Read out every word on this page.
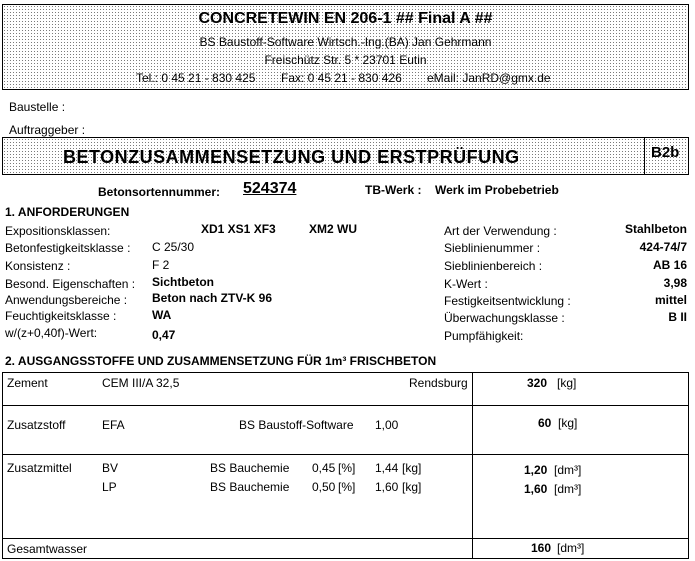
CONCRETEWIN EN 206-1 ## Final A ##
BS Baustoff-Software Wirtsch.-Ing.(BA) Jan Gehrmann
Freischütz Str. 5 * 23701 Eutin
Tel.: 0 45 21 - 830 425 Fax: 0 45 21 - 830 426 eMail: JanRD@gmx.de
Baustelle :
Auftraggeber :
BETONZUSAMMENSETZUNG UND ERSTPRÜFUNG	B2b
Betonsortennummer: 524374	TB-Werk : Werk im Probebetrieb
1. ANFORDERUNGEN
Expositionsklassen:	XD1 XS1 XF3	XM2 WU
Betonfestigkeitsklasse : C 25/30
Konsistenz :	F 2
Besond. Eigenschaften : Sichtbeton
Anwendungsbereiche : Beton nach ZTV-K 96
Feuchtigkeitsklasse :	WA
w/(z+0,40f)-Wert:	0,47
Art der Verwendung :	Stahlbeton
Sieblinienummer :	424-74/7
Sieblinienbereich :	AB 16
K-Wert :	3,98
Festigkeitsentwicklung :	mittel
Überwachungsklasse :	B II
Pumpfähigkeit:
2. AUSGANGSSTOFFE UND ZUSAMMENSETZUNG FÜR 1m³ FRISCHBETON
Zement	CEM III/A 32,5	Rendsburg	320 [kg]
Zusatzstoff	EFA	BS Baustoff-Software 1,00	60 [kg]
Zusatzmittel	BV	BS Bauchemie 0,45 [%] 1,44 [kg]	1,20 [dm³]
LP	BS Bauchemie 0,50 [%] 1,60 [kg]	1,60 [dm³]
Gesamtwasser	160 [dm³]
